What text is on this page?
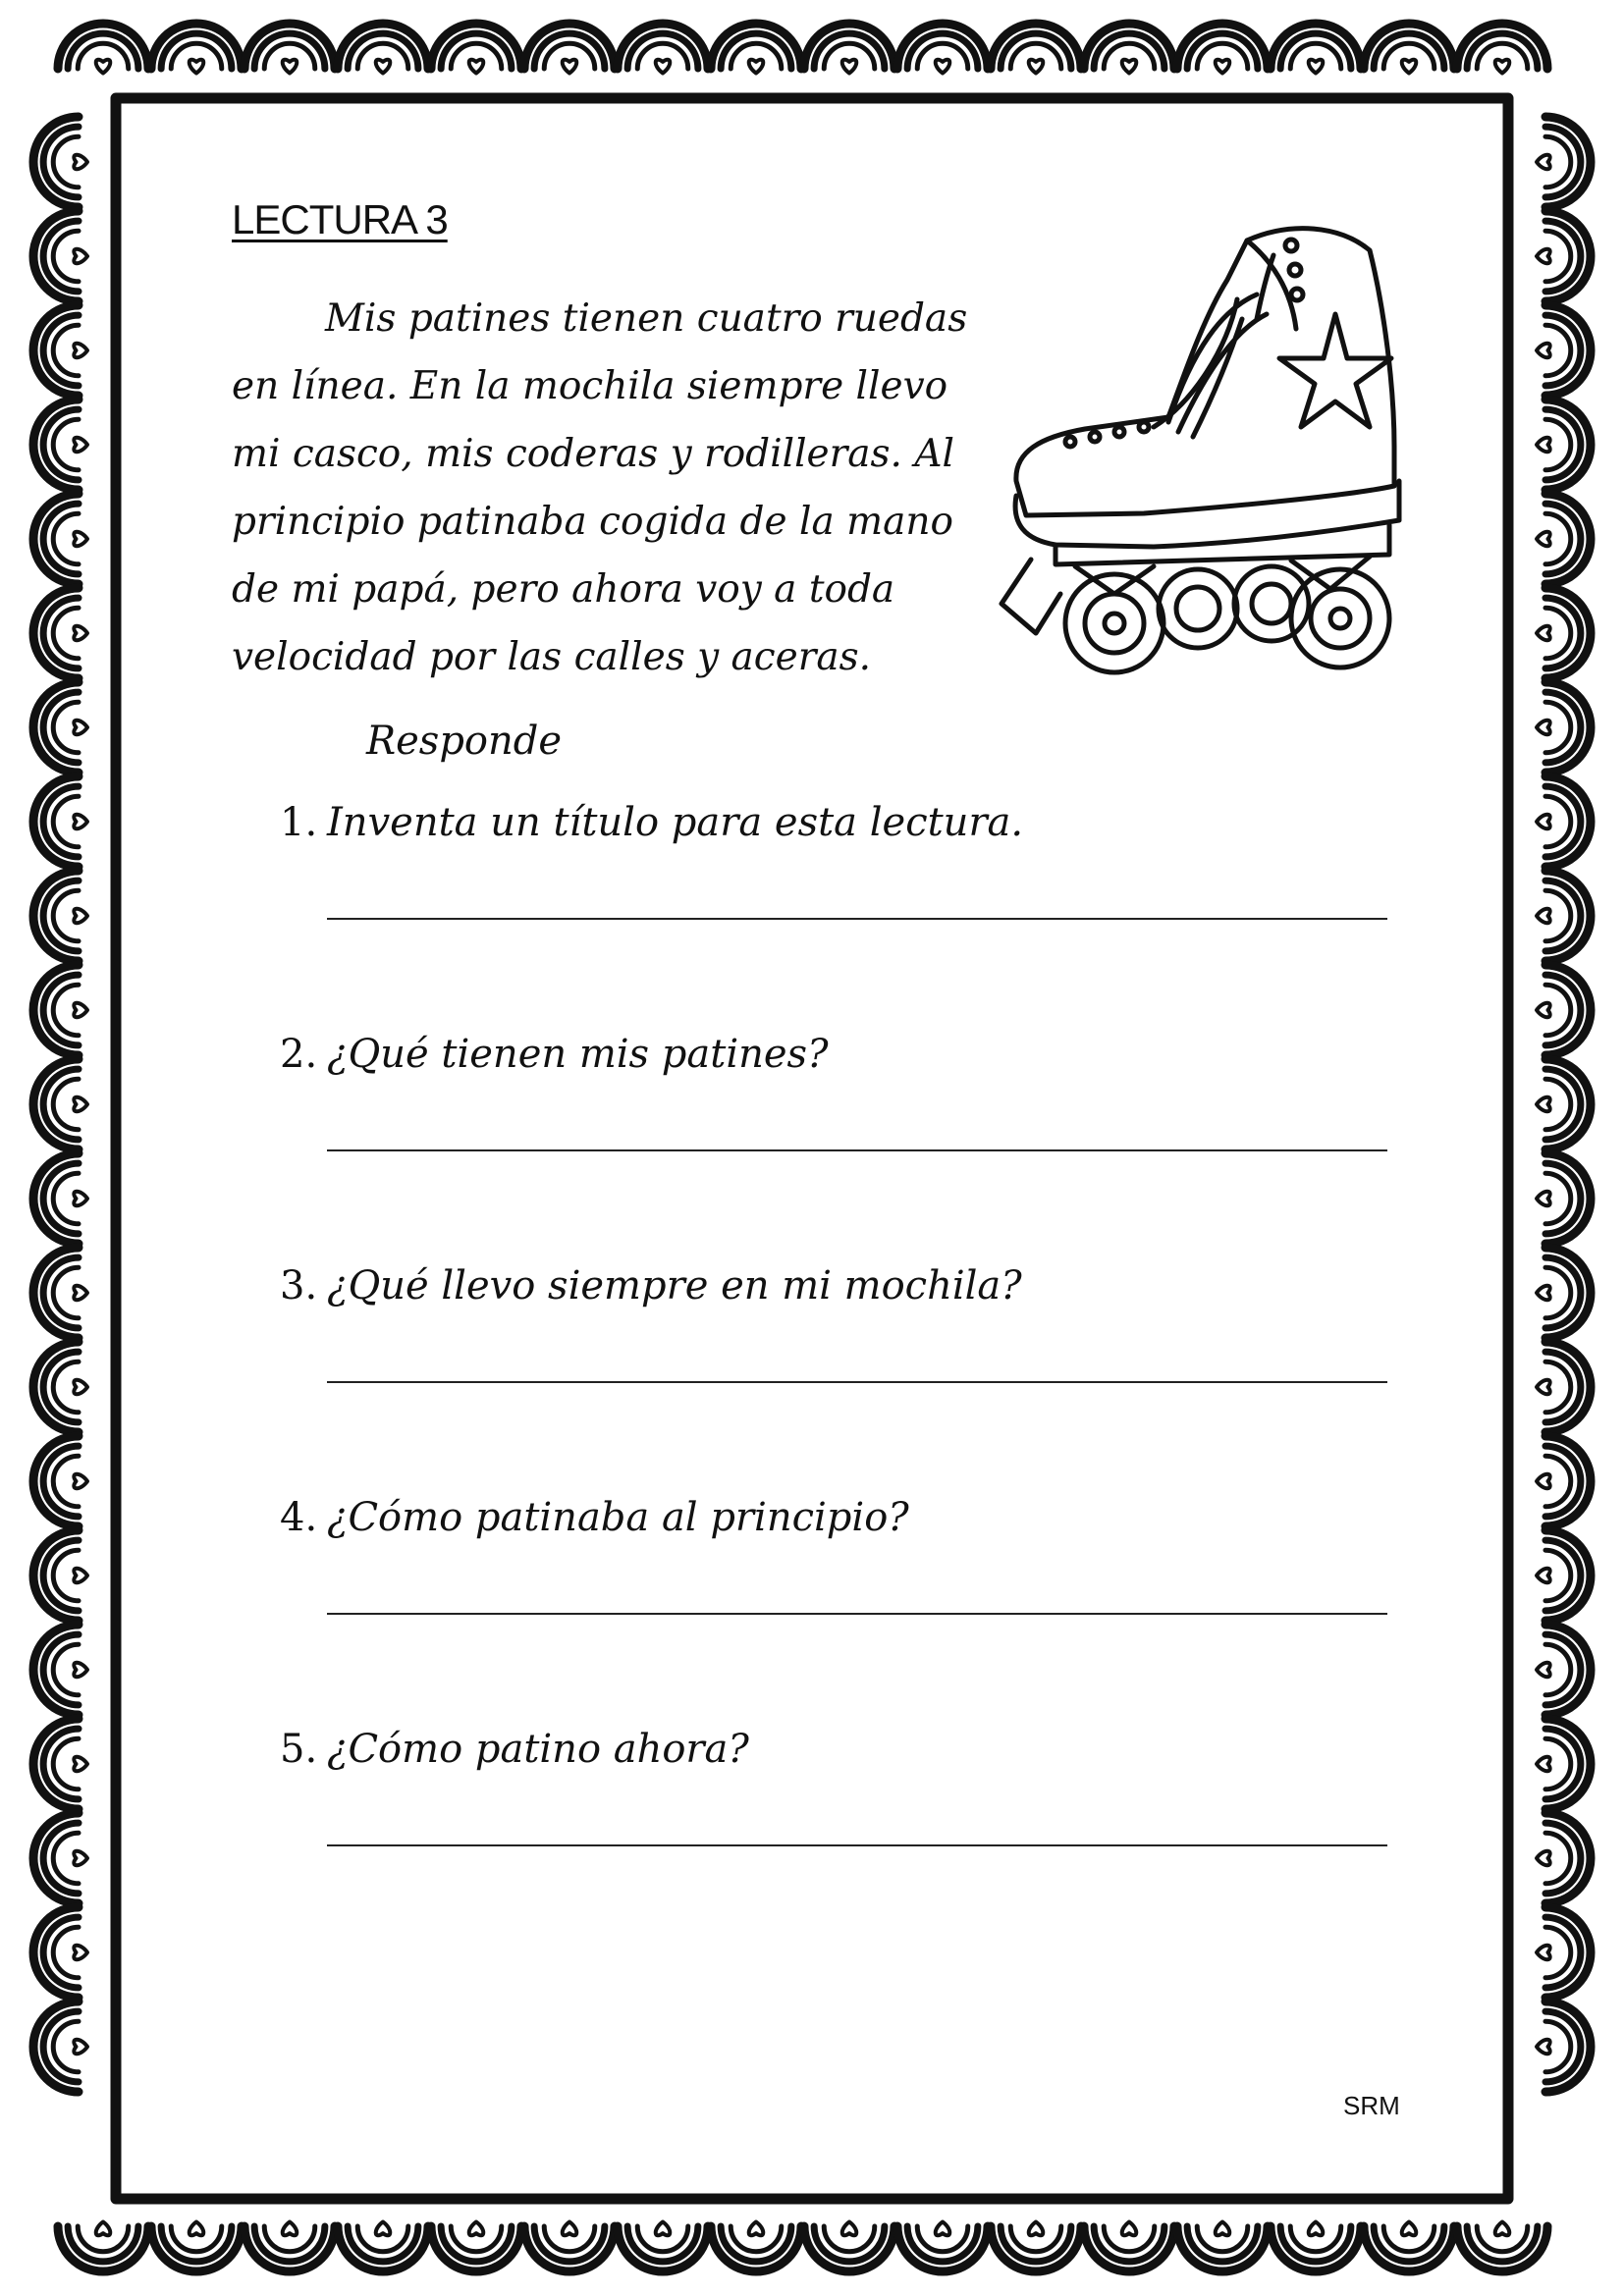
LECTURA 3

Mis patines tienen cuatro ruedas en línea. En la mochila siempre llevo mi casco, mis coderas y rodilleras. Al principio patinaba cogida de la mano de mi papá, pero ahora voy a toda velocidad por las calles y aceras.

Responde

1. Inventa un título para esta lectura.
2. ¿Qué tienen mis patines?
3. ¿Qué llevo siempre en mi mochila?
4. ¿Cómo patinaba al principio?
5. ¿Cómo patino ahora?

SRM
